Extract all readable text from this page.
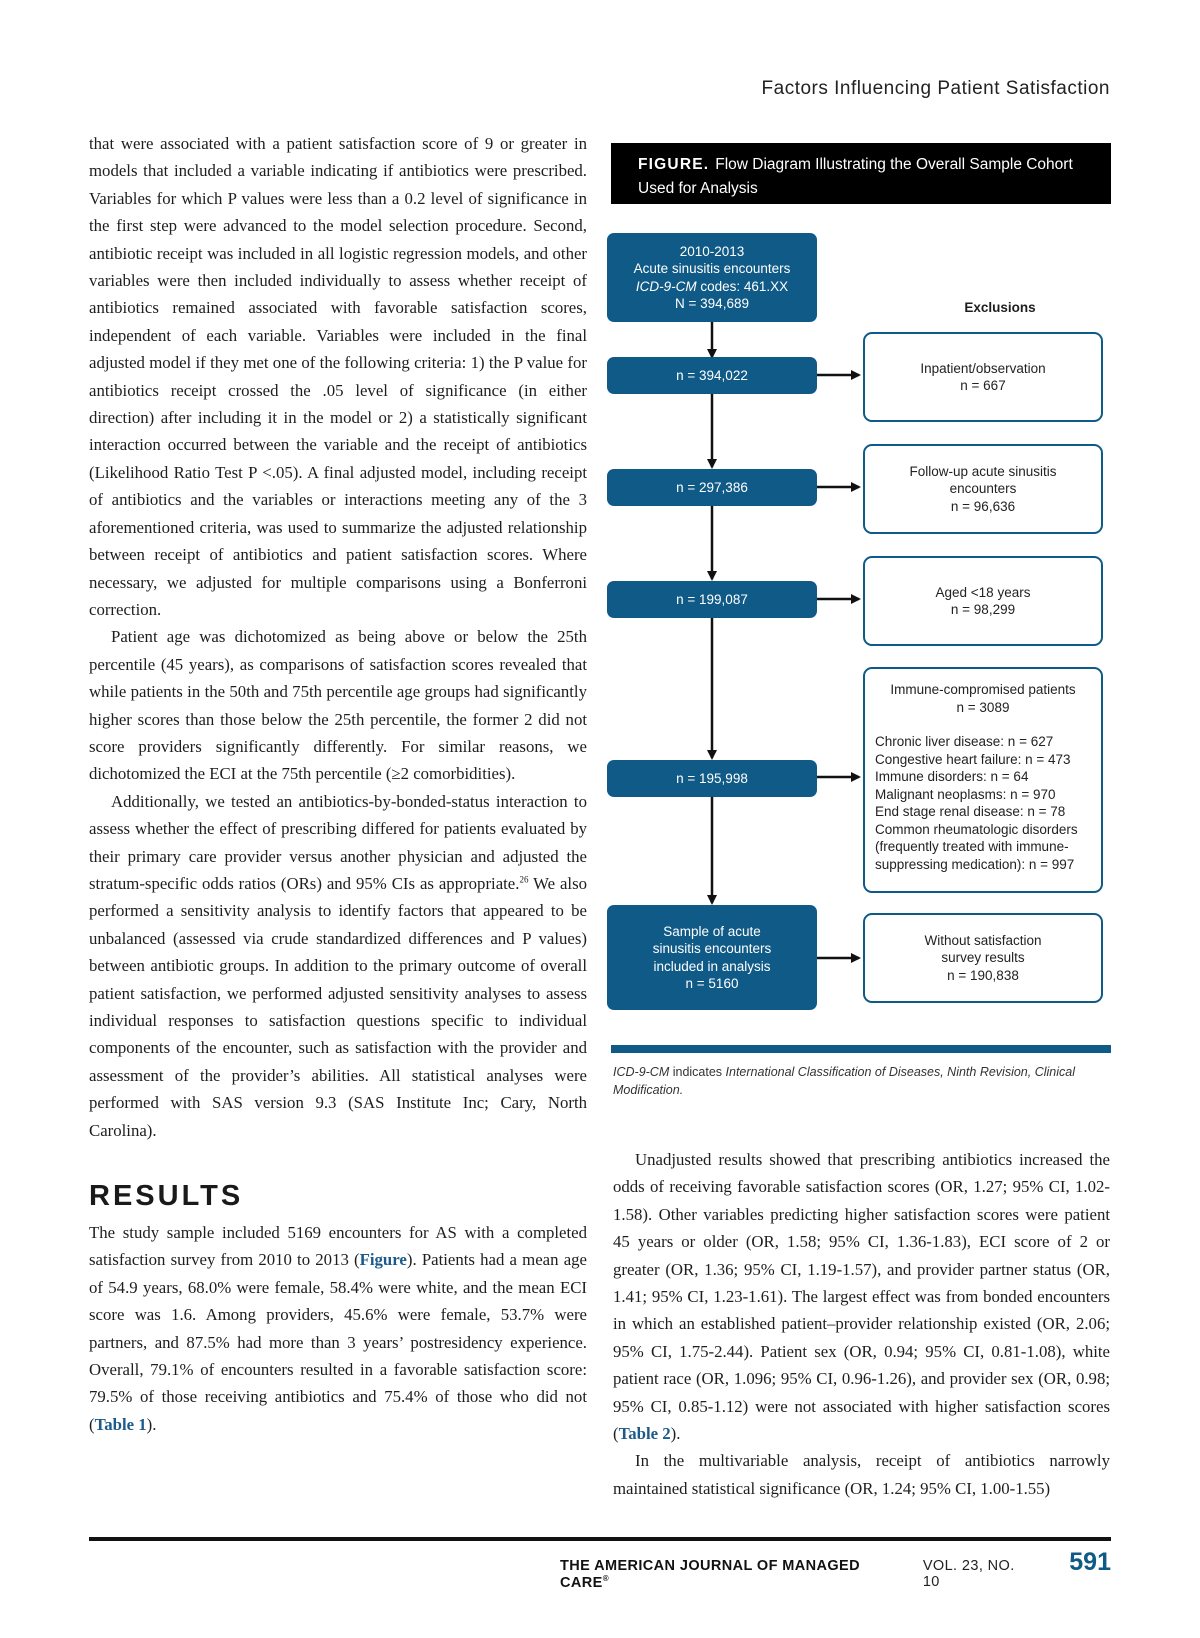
Factors Influencing Patient Satisfaction

that were associated with a patient satisfaction score of 9 or greater in models that included a variable indicating if antibiotics were prescribed. Variables for which P values were less than a 0.2 level of significance in the first step were advanced to the model selection procedure. Second, antibiotic receipt was included in all logistic regression models, and other variables were then included individually to assess whether receipt of antibiotics remained associated with favorable satisfaction scores, independent of each variable. Variables were included in the final adjusted model if they met one of the following criteria: 1) the P value for antibiotics receipt crossed the .05 level of significance (in either direction) after including it in the model or 2) a statistically significant interaction occurred between the variable and the receipt of antibiotics (Likelihood Ratio Test P <.05). A final adjusted model, including receipt of antibiotics and the variables or interactions meeting any of the 3 aforementioned criteria, was used to summarize the adjusted relationship between receipt of antibiotics and patient satisfaction scores. Where necessary, we adjusted for multiple comparisons using a Bonferroni correction.

Patient age was dichotomized as being above or below the 25th percentile (45 years), as comparisons of satisfaction scores revealed that while patients in the 50th and 75th percentile age groups had significantly higher scores than those below the 25th percentile, the former 2 did not score providers significantly differently. For similar reasons, we dichotomized the ECI at the 75th percentile (≥2 comorbidities).

Additionally, we tested an antibiotics-by-bonded-status interaction to assess whether the effect of prescribing differed for patients evaluated by their primary care provider versus another physician and adjusted the stratum-specific odds ratios (ORs) and 95% CIs as appropriate.$^{26}$ We also performed a sensitivity analysis to identify factors that appeared to be unbalanced (assessed via crude standardized differences and P values) between antibiotic groups. In addition to the primary outcome of overall patient satisfaction, we performed adjusted sensitivity analyses to assess individual responses to satisfaction questions specific to individual components of the encounter, such as satisfaction with the provider and assessment of the provider’s abilities. All statistical analyses were performed with SAS version 9.3 (SAS Institute Inc; Cary, North Carolina).

RESULTS

The study sample included 5169 encounters for AS with a completed satisfaction survey from 2010 to 2013 (Figure). Patients had a mean age of 54.9 years, 68.0% were female, 58.4% were white, and the mean ECI score was 1.6. Among providers, 45.6% were female, 53.7% were partners, and 87.5% had more than 3 years’ postresidency experience. Overall, 79.1% of encounters resulted in a favorable satisfaction score: 79.5% of those receiving antibiotics and 75.4% of those who did not (Table 1).

FIGURE. Flow Diagram Illustrating the Overall Sample Cohort Used for Analysis
2010-2013
Acute sinusitis encounters
ICD-9-CM codes: 461.XX
N = 394,689	Exclusions
n = 394,022
n = 297,386
n = 199,087
n = 195,998
Sample of acute
sinusitis encounters
included in analysis
n = 5160
Inpatient/observation
n = 667
Follow-up acute sinusitis
encounters
n = 96,636
Aged <18 years
n = 98,299
Immune-compromised patients
n = 3089
Chronic liver disease: n = 627
Congestive heart failure: n = 473
Immune disorders: n = 64
Malignant neoplasms: n = 970
End stage renal disease: n = 78
Common rheumatologic disorders
(frequently treated with immune-
suppressing medication): n = 997
Without satisfaction
survey results
n = 190,838
ICD-9-CM indicates International Classification of Diseases, Ninth Revision, Clinical Modification.

Unadjusted results showed that prescribing antibiotics increased the odds of receiving favorable satisfaction scores (OR, 1.27; 95% CI, 1.02-1.58). Other variables predicting higher satisfaction scores were patient 45 years or older (OR, 1.58; 95% CI, 1.36-1.83), ECI score of 2 or greater (OR, 1.36; 95% CI, 1.19-1.57), and provider partner status (OR, 1.41; 95% CI, 1.23-1.61). The largest effect was from bonded encounters in which an established patient–provider relationship existed (OR, 2.06; 95% CI, 1.75-2.44). Patient sex (OR, 0.94; 95% CI, 0.81-1.08), white patient race (OR, 1.096; 95% CI, 0.96-1.26), and provider sex (OR, 0.98; 95% CI, 0.85-1.12) were not associated with higher satisfaction scores (Table 2).

In the multivariable analysis, receipt of antibiotics narrowly maintained statistical significance (OR, 1.24; 95% CI, 1.00-1.55)

THE AMERICAN JOURNAL OF MANAGED CARE®
VOL. 23, NO. 10
591
